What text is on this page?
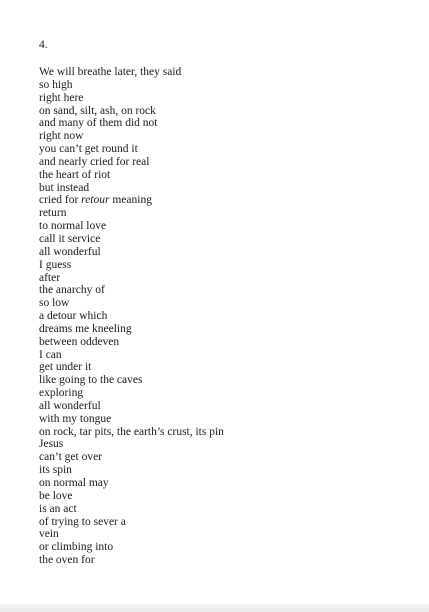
4.

We will breathe later, they said
so high
right here
on sand, silt, ash, on rock
and many of them did not
right now
you can’t get round it
and nearly cried for real
the heart of riot
but instead
cried for retour meaning
return
to normal love
call it service
all wonderful
I guess
after
the anarchy of
so low
a detour which
dreams me kneeling
between oddeven
I can
get under it
like going to the caves
exploring
all wonderful
with my tongue
on rock, tar pits, the earth’s crust, its pin
Jesus
can’t get over
its spin
on normal may
be love
is an act
of trying to sever a
vein
or climbing into
the oven for
